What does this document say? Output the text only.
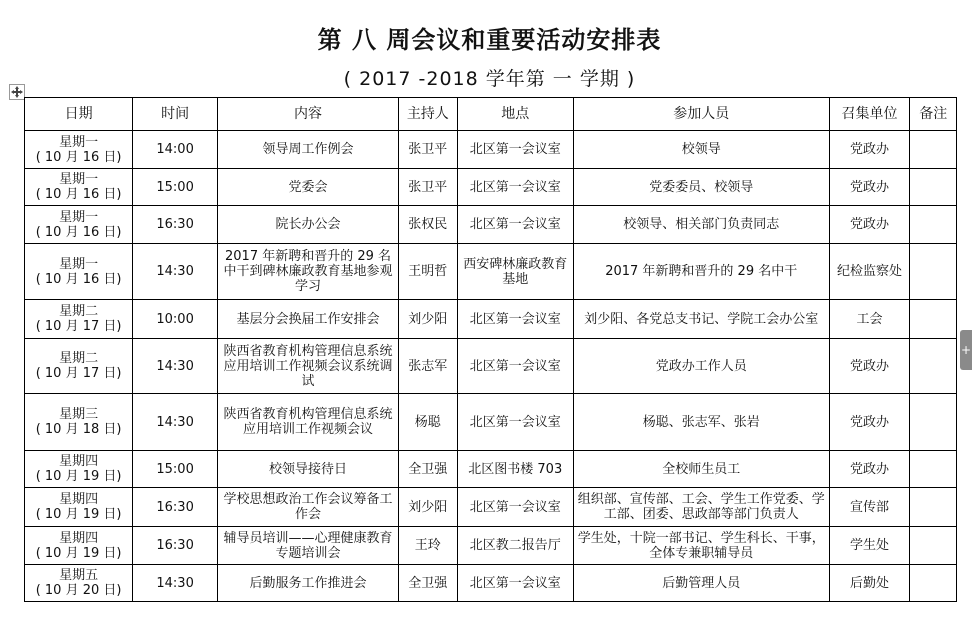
第 八 周会议和重要活动安排表
( 2017 -2018 学年第 一 学期 )
+
日期	时间	内容	主持人	地点	参加人员	召集单位	备注

星期一
( 10 月 16 日)	14:00	领导周工作例会	张卫平	北区第一会议室	校领导	党政办	

星期一
( 10 月 16 日)	15:00	党委会	张卫平	北区第一会议室	党委委员、校领导	党政办	

星期一
( 10 月 16 日)	16:30	院长办公会	张权民	北区第一会议室	校领导、相关部门负责同志	党政办	

星期一
( 10 月 16 日)	14:30	2017 年新聘和晋升的 29 名中干到碑林廉政教育基地参观学习	王明哲	西安碑林廉政教育基地	2017 年新聘和晋升的 29 名中干	纪检监察处	

星期二
( 10 月 17 日)	10:00	基层分会换届工作安排会	刘少阳	北区第一会议室	刘少阳、各党总支书记、学院工会办公室	工会	

星期二
( 10 月 17 日)	14:30	陕西省教育机构管理信息系统应用培训工作视频会议系统调试	张志军	北区第一会议室	党政办工作人员	党政办	

星期三
( 10 月 18 日)	14:30	陕西省教育机构管理信息系统应用培训工作视频会议	杨聪	北区第一会议室	杨聪、张志军、张岩	党政办	

星期四
( 10 月 19 日)	15:00	校领导接待日	全卫强	北区图书楼 703	全校师生员工	党政办	

星期四
( 10 月 19 日)	16:30	学校思想政治工作会议筹备工作会	刘少阳	北区第一会议室	组织部、宣传部、工会、学生工作党委、学工部、团委、思政部等部门负责人	宣传部	

星期四
( 10 月 19 日)	16:30	辅导员培训——心理健康教育专题培训会	王玲	北区教二报告厅	学生处，十院一部书记、学生科长、干事，全体专兼职辅导员	学生处	

星期五
( 10 月 20 日)	14:30	后勤服务工作推进会	全卫强	北区第一会议室	后勤管理人员	后勤处	
